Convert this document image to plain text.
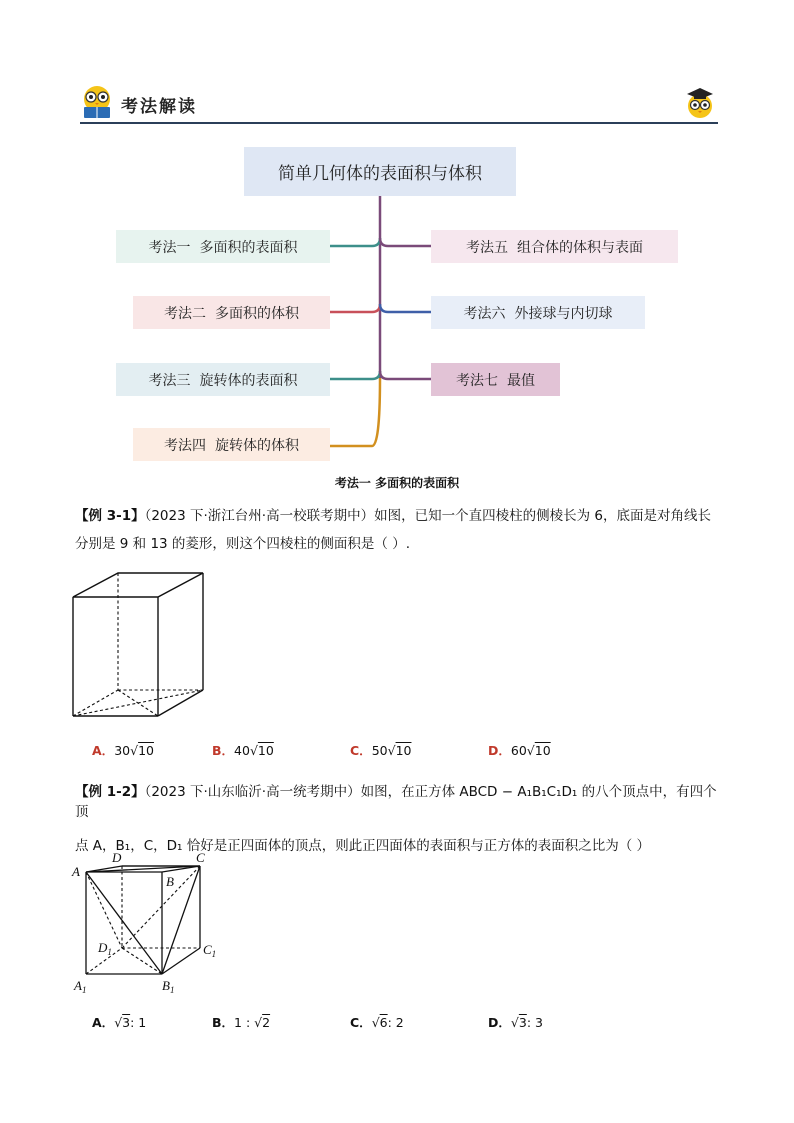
考法解读
简单几何体的表面积与体积
考法一  多面积的表面积
考法二  多面积的体积
考法三  旋转体的表面积
考法四  旋转体的体积
考法五  组合体的体积与表面
考法六  外接球与内切球
考法七  最值
考法一 多面积的表面积
【例 3-1】（2023 下·浙江台州·高一校联考期中）如图，已知一个直四棱柱的侧棱长为 6，底面是对角线长
分别是 9 和 13 的菱形，则这个四棱柱的侧面积是（ ）.
A．30√10	B．40√10	C．50√10	D．60√10
【例 1-2】（2023 下·山东临沂·高一统考期中）如图，在正方体 ABCD − A₁B₁C₁D₁ 的八个顶点中，有四个顶
点 A，B₁，C，D₁ 恰好是正四面体的顶点，则此正四面体的表面积与正方体的表面积之比为（ ）
A
B
C
D
$D_1$	$C_1$
$A_1$	$B_1$
A．√3: 1	B．1 : √2	C．√6: 2	D．√3: 3
